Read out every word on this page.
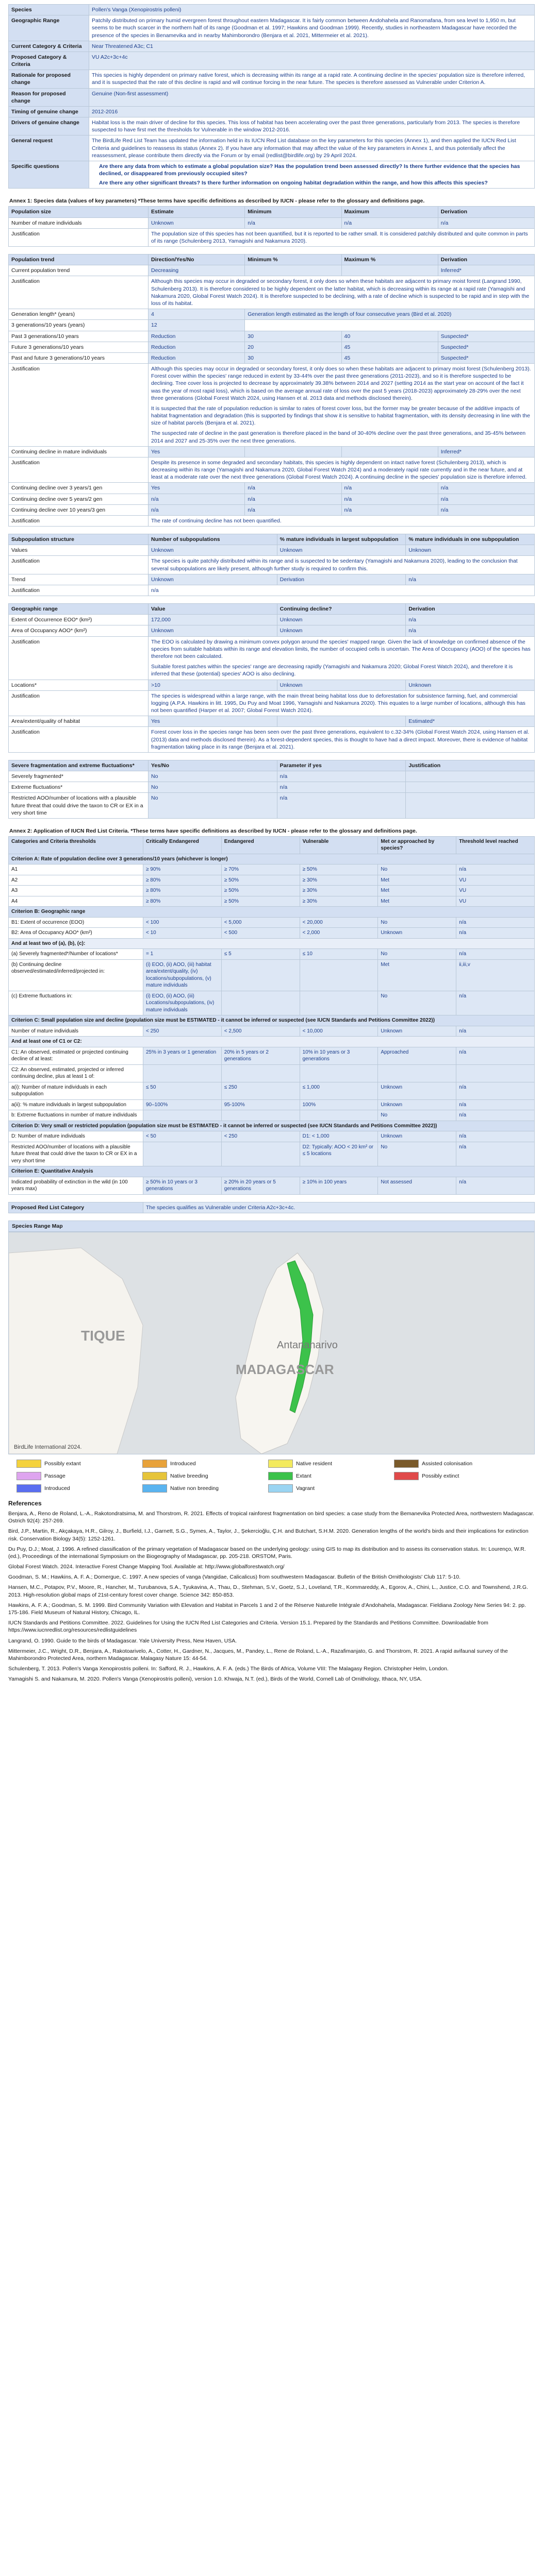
Species	Pollen's Vanga (Xenopirostris polleni)
Geographic Range	Patchily distributed on primary humid evergreen forest throughout eastern Madagascar. It is fairly common between Andohahela and Ranomafana, from sea level to 1,950 m, but seems to be much scarcer in the northern half of its range (Goodman et al. 1997; Hawkins and Goodman 1999). Recently, studies in northeastern Madagascar have recorded the presence of the species in Benamevika and in nearby Mahimborondro (Benjara et al. 2021, Mittermeier et al. 2021).
Current Category & Criteria	Near Threatened A3c; C1
Proposed Category & Criteria	VU A2c+3c+4c
Rationale for proposed change	This species is highly dependent on primary native forest, which is decreasing within its range at a rapid rate. A continuing decline in the species' population size is therefore inferred, and it is suspected that the rate of this decline is rapid and will continue forcing in the near future. The species is therefore assessed as Vulnerable under Criterion A.
Reason for proposed change	Genuine (Non-first assessment)
Timing of genuine change	2012-2016
Drivers of genuine change	Habitat loss is the main driver of decline for this species. This loss of habitat has been accelerating over the past three generations, particularly from 2013. The species is therefore suspected to have first met the thresholds for Vulnerable in the window 2012-2016.
General request	The BirdLife Red List Team has updated the information held in its IUCN Red List database on the key parameters for this species (Annex 1), and then applied the IUCN Red List Criteria and guidelines to reassess its status (Annex 2). If you have any information that may affect the value of the key parameters in Annex 1, and thus potentially affect the reassessment, please contribute them directly via the Forum or by email (redlist@birdlife.org) by 29 April 2024.
Specific questions	Are there any data from which to estimate a global population size? Has the population trend been assessed directly? Is there further evidence that the species has declined, or disappeared from previously occupied sites?
Are there any other significant threats? Is there further information on ongoing habitat degradation within the range, and how this affects this species?
Annex 1: Species data (values of key parameters) *These terms have specific definitions as described by IUCN - please refer to the glossary and definitions page.
Population size	Estimate	Minimum	Maximum	Derivation
Number of mature individuals	Unknown	n/a	n/a	n/a
Justification	The population size of this species has not been quantified, but it is reported to be rather small. It is considered patchily distributed and quite common in parts of its range (Schulenberg 2013, Yamagishi and Nakamura 2020).			
Population trend	Direction/Yes/No	Minimum %	Maximum %	Derivation
Current population trend	Decreasing			Inferred*
Justification	Although this species may occur in degraded or secondary forest, it only does so when these habitats are adjacent to primary moist forest (Langrand 1990, Schulenberg 2013). It is therefore considered to be highly dependent on the latter habitat, which is decreasing within its range at a rapid rate (Yamagishi and Nakamura 2020, Global Forest Watch 2024). It is therefore suspected to be declining, with a rate of decline which is suspected to be rapid and in step with the loss of its habitat.			
Generation length* (years)	4	Generation length estimated as the length of four consecutive years (Bird et al. 2020)		
3 generations/10 years (years)	12			
Past 3 generations/10 years	Reduction	30	40	Suspected*
Future 3 generations/10 years	Reduction	20	45	Suspected*
Past and future 3 generations/10 years	Reduction	30	45	Suspected*
Justification	Although this species may occur in degraded or secondary forest, it only does so when these habitats are adjacent to primary moist forest (Schulenberg 2013). Forest cover within the species' range reduced in extent by 33-44% over the past three generations (2011-2023), and so it is therefore suspected to be declining. Tree cover loss is projected to decrease by approximately 39.38% between 2014 and 2027 (setting 2014 as the start year on account of the fact it was the year of most rapid loss), which is based on the average annual rate of loss over the past 5 years (2018-2023) approximately 28-29% over the next three generations (Global Forest Watch 2024, using Hansen et al. 2013 data and methods disclosed therein).

It is suspected that the rate of population reduction is similar to rates of forest cover loss, but the former may be greater because of the additive impacts of habitat fragmentation and degradation (this is supported by findings that show it is sensitive to habitat fragmentation, with its density decreasing in line with the size of habitat parcels (Benjara et al. 2021).

The suspected rate of decline in the past generation is therefore placed in the band of 30-40% decline over the past three generations, and 35-45% between 2014 and 2027 and 25-35% over the next three generations.			

Continuing decline in mature individuals	Yes			Inferred*
Justification	Despite its presence in some degraded and secondary habitats, this species is highly dependent on intact native forest (Schulenberg 2013), which is decreasing within its range (Yamagishi and Nakamura 2020, Global Forest Watch 2024) and a moderately rapid rate currently and in the near future, and at least at a moderate rate over the next three generations (Global Forest Watch 2024). A continuing decline in the species' population size is therefore inferred.			
Continuing decline over 3 years/1 gen	Yes	n/a	n/a	n/a
Continuing decline over 5 years/2 gen	n/a	n/a	n/a	n/a
Continuing decline over 10 years/3 gen	n/a	n/a	n/a	n/a
Justification	The rate of continuing decline has not been quantified.			
Subpopulation structure	Number of subpopulations	% mature individuals in largest subpopulation	% mature individuals in one subpopulation
Values	Unknown	Unknown	Unknown
Justification	The species is quite patchily distributed within its range and is suspected to be sedentary (Yamagishi and Nakamura 2020), leading to the conclusion that several subpopulations are likely present, although further study is required to confirm this.		
Trend	Unknown	Derivation	n/a
Justification	n/a		
Geographic range	Value	Continuing decline?	Derivation
Extent of Occurrence EOO* (km²)	172,000	Unknown	n/a
Area of Occupancy AOO* (km²)	Unknown	Unknown	n/a
Justification	The EOO is calculated by drawing a minimum convex polygon around the species' mapped range. Given the lack of knowledge on confirmed absence of the species from suitable habitats within its range and elevation limits, the number of occupied cells is uncertain. The Area of Occupancy (AOO) of the species has therefore not been calculated.

Suitable forest patches within the species' range are decreasing rapidly (Yamagishi and Nakamura 2020; Global Forest Watch 2024), and therefore it is inferred that these (potential) species' AOO is also declining.		

Locations*	>10	Unknown	Unknown
Justification	The species is widespread within a large range, with the main threat being habitat loss due to deforestation for subsistence farming, fuel, and commercial logging (A.P.A. Hawkins in litt. 1995, Du Puy and Moat 1996, Yamagishi and Nakamura 2020). This equates to a large number of locations, although this has not been quantified (Harper et al. 2007; Global Forest Watch 2024).		
Area/extent/quality of habitat	Yes		Estimated*
Justification	Forest cover loss in the species range has been seen over the past three generations, equivalent to c.32-34% (Global Forest Watch 2024, using Hansen et al. (2013) data and methods disclosed therein). As a forest-dependent species, this is thought to have had a direct impact. Moreover, there is evidence of habitat fragmentation taking place in its range (Benjara et al. 2021).		
Severe fragmentation and extreme fluctuations*	Yes/No	Parameter if yes	Justification
Severely fragmented*	No	n/a	
Extreme fluctuations*	No	n/a	
Restricted AOO/number of locations with a plausible future threat that could drive the taxon to CR or EX in a very short time	No	n/a	
Annex 2: Application of IUCN Red List Criteria. *These terms have specific definitions as described by IUCN - please refer to the glossary and definitions page.
Categories and Criteria thresholds	Critically Endangered	Endangered	Vulnerable	Met or approached by species?	Threshold level reached
Criterion A: Rate of population decline over 3 generations/10 years (whichever is longer)					
A1	≥ 90%	≥ 70%	≥ 50%	No	n/a
A2	≥ 80%	≥ 50%	≥ 30%	Met	VU
A3	≥ 80%	≥ 50%	≥ 30%	Met	VU
A4	≥ 80%	≥ 50%	≥ 30%	Met	VU
Criterion B: Geographic range					
B1: Extent of occurrence (EOO)	< 100	< 5,000	< 20,000	No	n/a
B2: Area of Occupancy AOO* (km²)	< 10	< 500	< 2,000	Unknown	n/a
And at least two of (a), (b), (c):					
(a) Severely fragmented*/Number of locations*	= 1	≤ 5	≤ 10	No	n/a
(b) Continuing decline observed/estimated/inferred/projected in:	(i) EOO, (ii) AOO, (iii) habitat area/extent/quality, (iv) locations/subpopulations, (v) mature individuals			Met	ii,iii,v
(c) Extreme fluctuations in:	(i) EOO, (ii) AOO, (iii) Locations/subpopulations, (iv) mature individuals			No	n/a
Criterion C: Small population size and decline (population size must be ESTIMATED - it cannot be inferred or suspected (see IUCN Standards and Petitions Committee 2022))					
Number of mature individuals	< 250	< 2,500	< 10,000	Unknown	n/a
And at least one of C1 or C2:					
C1: An observed, estimated or projected continuing decline of at least:	25% in 3 years or 1 generation	20% in 5 years or 2 generations	10% in 10 years or 3 generations	Approached	n/a
C2: An observed, estimated, projected or inferred continuing decline, plus at least 1 of:					
a(i): Number of mature individuals in each subpopulation	≤ 50	≤ 250	≤ 1,000	Unknown	n/a
a(ii): % mature individuals in largest subpopulation	90–100%	95-100%	100%	Unknown	n/a
b: Extreme fluctuations in number of mature individuals				No	n/a
Criterion D: Very small or restricted population (population size must be ESTIMATED - it cannot be inferred or suspected (see IUCN Standards and Petitions Committee 2022))					
D: Number of mature individuals	< 50	< 250	D1: < 1,000	Unknown	n/a
Restricted AOO/number of locations with a plausible future threat that could drive the taxon to CR or EX in a very short time			D2: Typically: AOO < 20 km² or ≤ 5 locations	No	n/a
Criterion E: Quantitative Analysis					
Indicated probability of extinction in the wild (in 100 years max)	≥ 50% in 10 years or 3 generations	≥ 20% in 20 years or 5 generations	≥ 10% in 100 years	Not assessed	n/a
Proposed Red List Category	The species qualifies as Vulnerable under Criteria A2c+3c+4c.
Species Range Map
TIQUE
Antananarivo
MADAGASCAR
BirdLife International 2024.
Possibly extant	Introduced	Native resident	Assisted colonisation
Passage	Native breeding	Extant	Possibly extinct
Introduced	Native non breeding	Vagrant
References

Benjara, A., Reno de Roland, L.-A., Rakotondratsima, M. and Thorstrom, R. 2021. Effects of tropical rainforest fragmentation on bird species: a case study from the Bemanevika Protected Area, northwestern Madagascar. Ostrich 92(4): 257-269.

Bird, J.P., Martin, R., Akçakaya, H.R., Gilroy, J., Burfield, I.J., Garnett, S.G., Symes, A., Taylor, J., Şekercioğlu, Ç.H. and Butchart, S.H.M. 2020. Generation lengths of the world's birds and their implications for extinction risk. Conservation Biology 34(5): 1252-1261.

Du Puy, D.J.; Moat, J. 1996. A refined classification of the primary vegetation of Madagascar based on the underlying geology: using GIS to map its distribution and to assess its conservation status. In: Lourenço, W.R. (ed.), Proceedings of the international Symposium on the Biogeography of Madagascar, pp. 205-218. ORSTOM, Paris.

Global Forest Watch. 2024. Interactive Forest Change Mapping Tool. Available at: http://www.globalforestwatch.org/

Goodman, S. M.; Hawkins, A. F. A.; Domergue, C. 1997. A new species of vanga (Vangidae, Calicalicus) from southwestern Madagascar. Bulletin of the British Ornithologists' Club 117: 5-10.

Hansen, M.C., Potapov, P.V., Moore, R., Hancher, M., Turubanova, S.A., Tyukavina, A., Thau, D., Stehman, S.V., Goetz, S.J., Loveland, T.R., Kommareddy, A., Egorov, A., Chini, L., Justice, C.O. and Townshend, J.R.G. 2013. High-resolution global maps of 21st-century forest cover change. Science 342: 850-853.

Hawkins, A. F. A.; Goodman, S. M. 1999. Bird Community Variation with Elevation and Habitat in Parcels 1 and 2 of the Réserve Naturelle Intégrale d'Andohahela, Madagascar. Fieldiana Zoology New Series 94: 2. pp. 175-186. Field Museum of Natural History, Chicago, IL.

IUCN Standards and Petitions Committee. 2022. Guidelines for Using the IUCN Red List Categories and Criteria. Version 15.1. Prepared by the Standards and Petitions Committee. Downloadable from https://www.iucnredlist.org/resources/redlistguidelines

Langrand, O. 1990. Guide to the birds of Madagascar. Yale University Press, New Haven, USA.

Mittermeier, J.C., Wright, D.R., Benjara, A., Rakotoarivelo, A., Cotter, H., Gardner, N., Jacques, M., Pandey, L., Rene de Roland, L.-A., Razafimanjato, G. and Thorstrom, R. 2021. A rapid avifaunal survey of the Mahimborondro Protected Area, northern Madagascar. Malagasy Nature 15: 44-54.

Schulenberg, T. 2013. Pollen's Vanga Xenopirostris polleni. In: Safford, R. J., Hawkins, A. F. A. (eds.) The Birds of Africa, Volume VIII: The Malagasy Region. Christopher Helm, London.

Yamagishi S. and Nakamura, M. 2020. Pollen's Vanga (Xenopirostris polleni), version 1.0. Khwaja, N.T. (ed.), Birds of the World, Cornell Lab of Ornithology, Ithaca, NY, USA.
